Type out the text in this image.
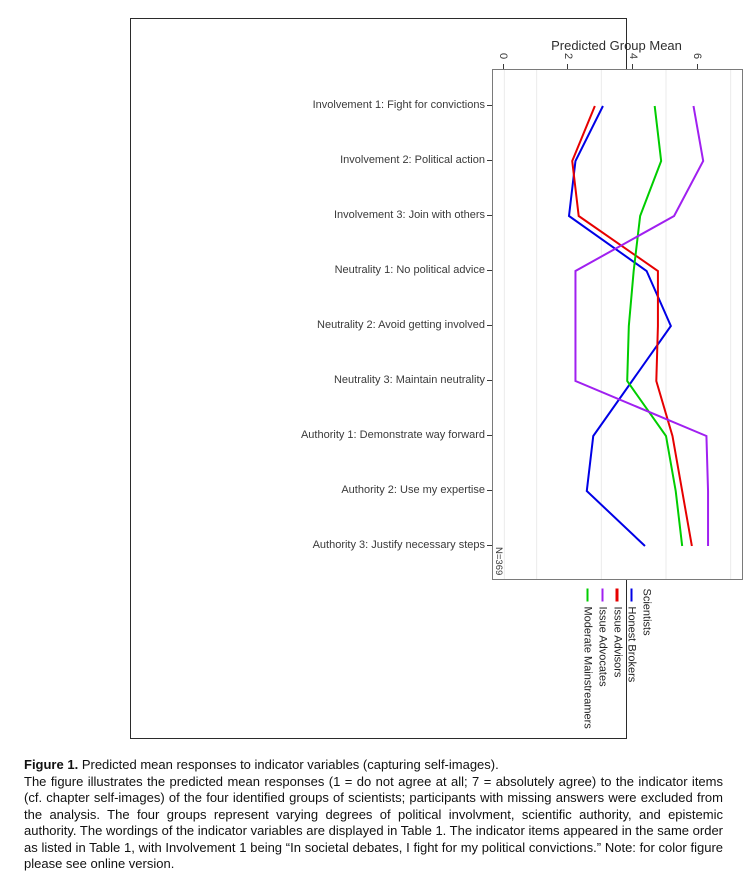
Predicted Group Mean
0	2	4	6
Involvement 1: Fight for convictions
Involvement 2: Political action
Involvement 3: Join with others
Neutrality 1: No political advice
Neutrality 2: Avoid getting involved
Neutrality 3: Maintain neutrality
Authority 1: Demonstrate way forward
Authority 2: Use my expertise
Authority 3: Justify necessary steps
N=369
Scientists
Honest Brokers
Issue Advisors
Issue Advocates
Moderate Mainstreamers

Figure 1. Predicted mean responses to indicator variables (capturing self-images).

The figure illustrates the predicted mean responses (1 = do not agree at all; 7 = absolutely agree) to the indicator items (cf. chapter self-images) of the four identified groups of scientists; participants with missing answers were excluded from the analysis. The four groups represent varying degrees of political involvment, scientific authority, and epistemic authority. The wordings of the indicator variables are displayed in Table 1. The indicator items appeared in the same order as listed in Table 1, with Involvement 1 being “In societal debates, I fight for my political convictions.” Note: for color figure please see online version.
